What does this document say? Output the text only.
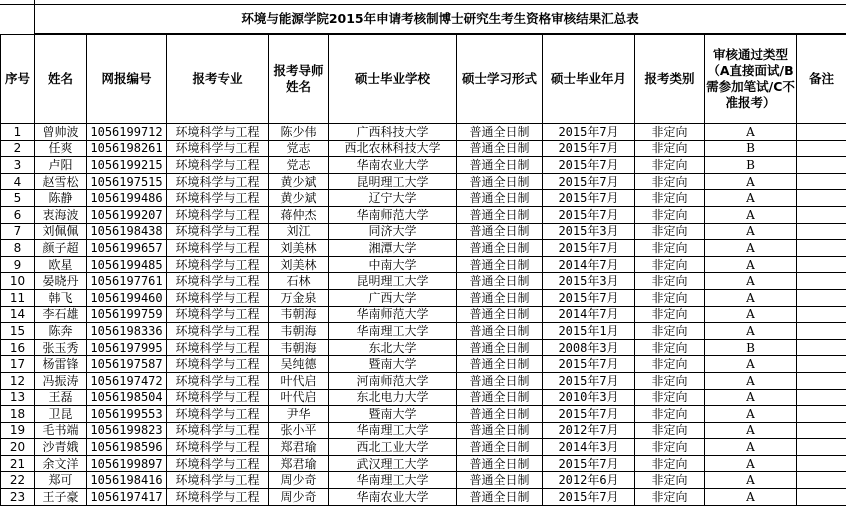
环境与能源学院2015年申请考核制博士研究生考生资格审核结果汇总表
序号	姓名	网报编号	报考专业	报考导师姓名	硕士毕业学校	硕士学习形式	硕士毕业年月	报考类别	审核通过类型（A直接面试/B需参加笔试/C不准报考）	备注
1	曾帅波	1056199712	环境科学与工程	陈少伟	广西科技大学	普通全日制	2015年7月	非定向	A	
2	任爽	1056198261	环境科学与工程	党志	西北农林科技大学	普通全日制	2015年7月	非定向	B	
3	卢阳	1056199215	环境科学与工程	党志	华南农业大学	普通全日制	2015年7月	非定向	B	
4	赵雪松	1056197515	环境科学与工程	黄少斌	昆明理工大学	普通全日制	2015年7月	非定向	A	
5	陈静	1056199486	环境科学与工程	黄少斌	辽宁大学	普通全日制	2015年7月	非定向	A	
6	衷海波	1056199207	环境科学与工程	蒋仲杰	华南师范大学	普通全日制	2015年7月	非定向	A	
7	刘佩佩	1056198438	环境科学与工程	刘江	同济大学	普通全日制	2015年3月	非定向	A	
8	颜子超	1056199657	环境科学与工程	刘美林	湘潭大学	普通全日制	2015年7月	非定向	A	
9	欧星	1056199485	环境科学与工程	刘美林	中南大学	普通全日制	2014年7月	非定向	A	
10	晏晓丹	1056197761	环境科学与工程	石林	昆明理工大学	普通全日制	2015年3月	非定向	A	
11	韩飞	1056199460	环境科学与工程	万金泉	广西大学	普通全日制	2015年7月	非定向	A	
14	李石雄	1056199759	环境科学与工程	韦朝海	华南师范大学	普通全日制	2014年7月	非定向	A	
15	陈奔	1056198336	环境科学与工程	韦朝海	华南理工大学	普通全日制	2015年1月	非定向	A	
16	张玉秀	1056197995	环境科学与工程	韦朝海	东北大学	普通全日制	2008年3月	非定向	B	
17	杨雷锋	1056197587	环境科学与工程	吴纯德	暨南大学	普通全日制	2015年7月	非定向	A	
12	冯振涛	1056197472	环境科学与工程	叶代启	河南师范大学	普通全日制	2015年7月	非定向	A	
13	王磊	1056198504	环境科学与工程	叶代启	东北电力大学	普通全日制	2010年3月	非定向	A	
18	卫昆	1056199553	环境科学与工程	尹华	暨南大学	普通全日制	2015年7月	非定向	A	
19	毛书端	1056199823	环境科学与工程	张小平	华南理工大学	普通全日制	2012年7月	非定向	A	
20	沙青娥	1056198596	环境科学与工程	郑君瑜	西北工业大学	普通全日制	2014年3月	非定向	A	
21	余文洋	1056199897	环境科学与工程	郑君瑜	武汉理工大学	普通全日制	2015年7月	非定向	A	
22	郑可	1056198416	环境科学与工程	周少奇	华南理工大学	普通全日制	2012年6月	非定向	A	
23	王子豪	1056197417	环境科学与工程	周少奇	华南农业大学	普通全日制	2015年7月	非定向	A	
